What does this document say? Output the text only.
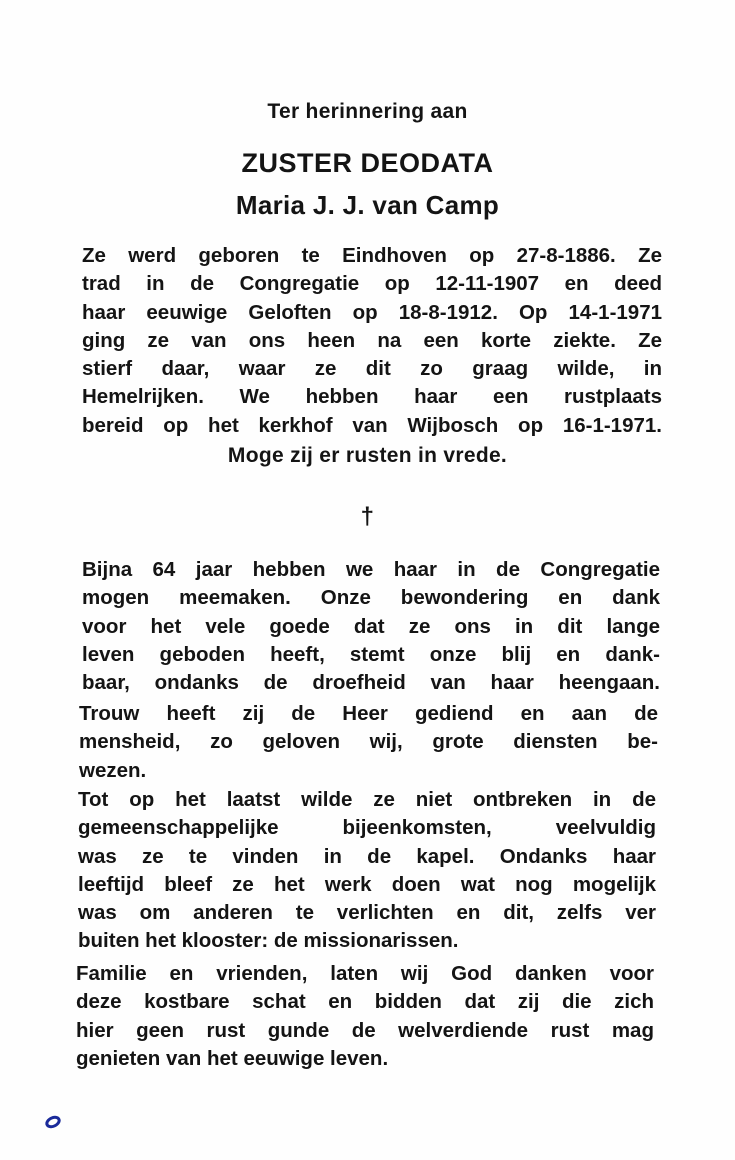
Ter herinnering aan
ZUSTER DEODATA
Maria J. J. van Camp
Ze werd geboren te Eindhoven op 27-8-1886. Ze
trad in de Congregatie op 12-11-1907 en deed
haar eeuwige Geloften op 18-8-1912. Op 14-1-1971
ging ze van ons heen na een korte ziekte. Ze
stierf daar, waar ze dit zo graag wilde, in
Hemelrijken. We hebben haar een rustplaats
bereid op het kerkhof van Wijbosch op 16-1-1971.
Moge zij er rusten in vrede.
†
Bijna 64 jaar hebben we haar in de Congregatie
mogen meemaken. Onze bewondering en dank
voor het vele goede dat ze ons in dit lange
leven geboden heeft, stemt onze blij en dank-
baar, ondanks de droefheid van haar heengaan.
Trouw heeft zij de Heer gediend en aan de
mensheid, zo geloven wij, grote diensten be-
wezen.
Tot op het laatst wilde ze niet ontbreken in de
gemeenschappelijke bijeenkomsten, veelvuldig
was ze te vinden in de kapel. Ondanks haar
leeftijd bleef ze het werk doen wat nog mogelijk
was om anderen te verlichten en dit, zelfs ver
buiten het klooster: de missionarissen.
Familie en vrienden, laten wij God danken voor
deze kostbare schat en bidden dat zij die zich
hier geen rust gunde de welverdiende rust mag
genieten van het eeuwige leven.
